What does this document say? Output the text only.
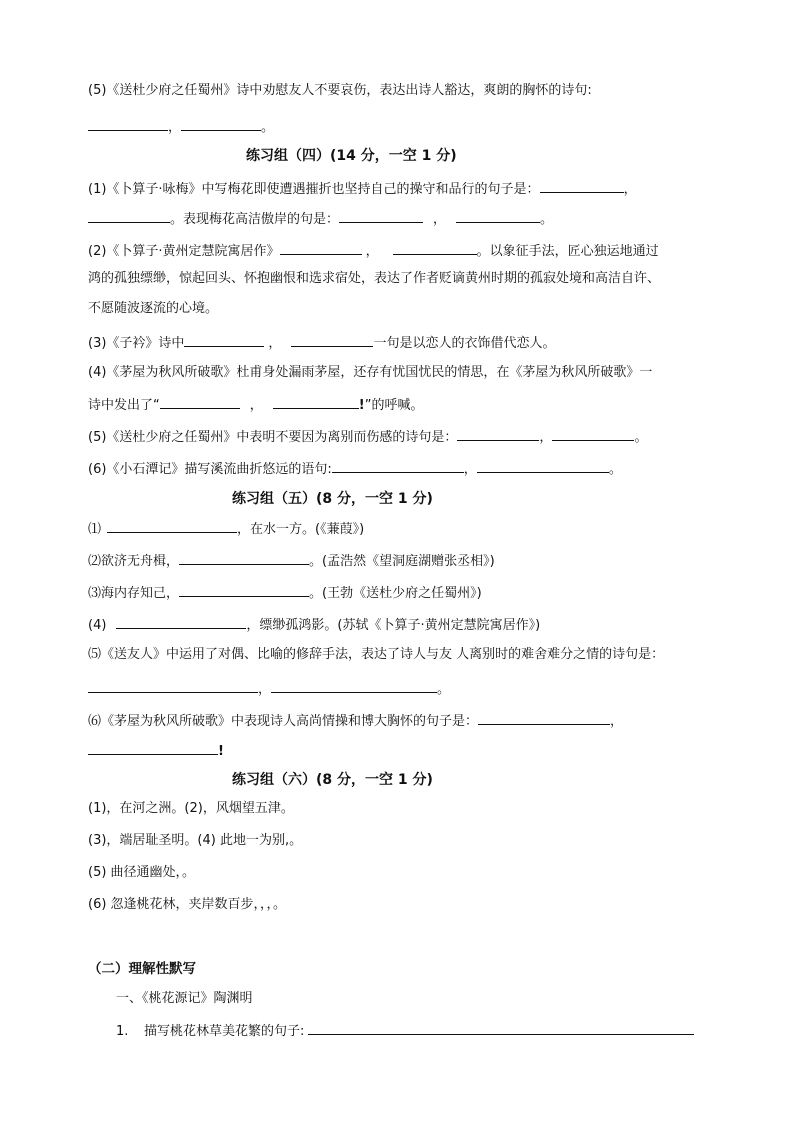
(5)《送杜少府之任蜀州》诗中劝慰友人不要哀伤，表达出诗人豁达，爽朗的胸怀的诗句:
，	。
练习组（四）(14 分，一空 1 分)
(1)《卜算子·咏梅》中写梅花即使遭遇摧折也坚持自己的操守和品行的句子是：	，
。表现梅花高洁傲岸的句是：	，	。
(2)《卜算子·黄州定慧院寓居作》	，	。以象征手法，匠心独运地通过
鸿的孤独缥缈，惊起回头、怀抱幽恨和选求宿处，表达了作者贬谪黄州时期的孤寂处境和高洁自许、
不愿随波逐流的心境。
(3)《子衿》诗中	，	一句是以恋人的衣饰借代恋人。
(4)《茅屋为秋风所破歌》杜甫身处漏雨茅屋，还存有忧国忧民的情思，在《茅屋为秋风所破歌》一
诗中发出了“	，	!”的呼喊。
(5)《送杜少府之任蜀州》中表明不要因为离别而伤感的诗句是：	，	。
(6)《小石潭记》描写溪流曲折悠远的语句:	，	。
练习组（五）(8 分，一空 1 分)
⑴	，在水一方。(《蒹葭》)
⑵欲济无舟楫，	。(孟浩然《望洞庭湖赠张丞相》)
⑶海内存知己，	。(王勃《送杜少府之任蜀州》)
(4)	，缥缈孤鸿影。(苏轼《卜算子·黄州定慧院寓居作》)
⑸《送友人》中运用了对偶、比喻的修辞手法，表达了诗人与友 人离别时的难舍难分之情的诗句是：
，	。
⑹《茅屋为秋风所破歌》中表现诗人高尚情操和博大胸怀的句子是：	，
!
练习组（六）(8 分，一空 1 分)
(1)，在河之洲。(2)，风烟望五津。
(3)，端居耻圣明。(4) 此地一为别,。
(5) 曲径通幽处，。
(6) 忽逢桃花林，夹岸数百步，，，。
（二）理解性默写
一、《桃花源记》陶渊明
1. 描写桃花林草美花繁的句子:
